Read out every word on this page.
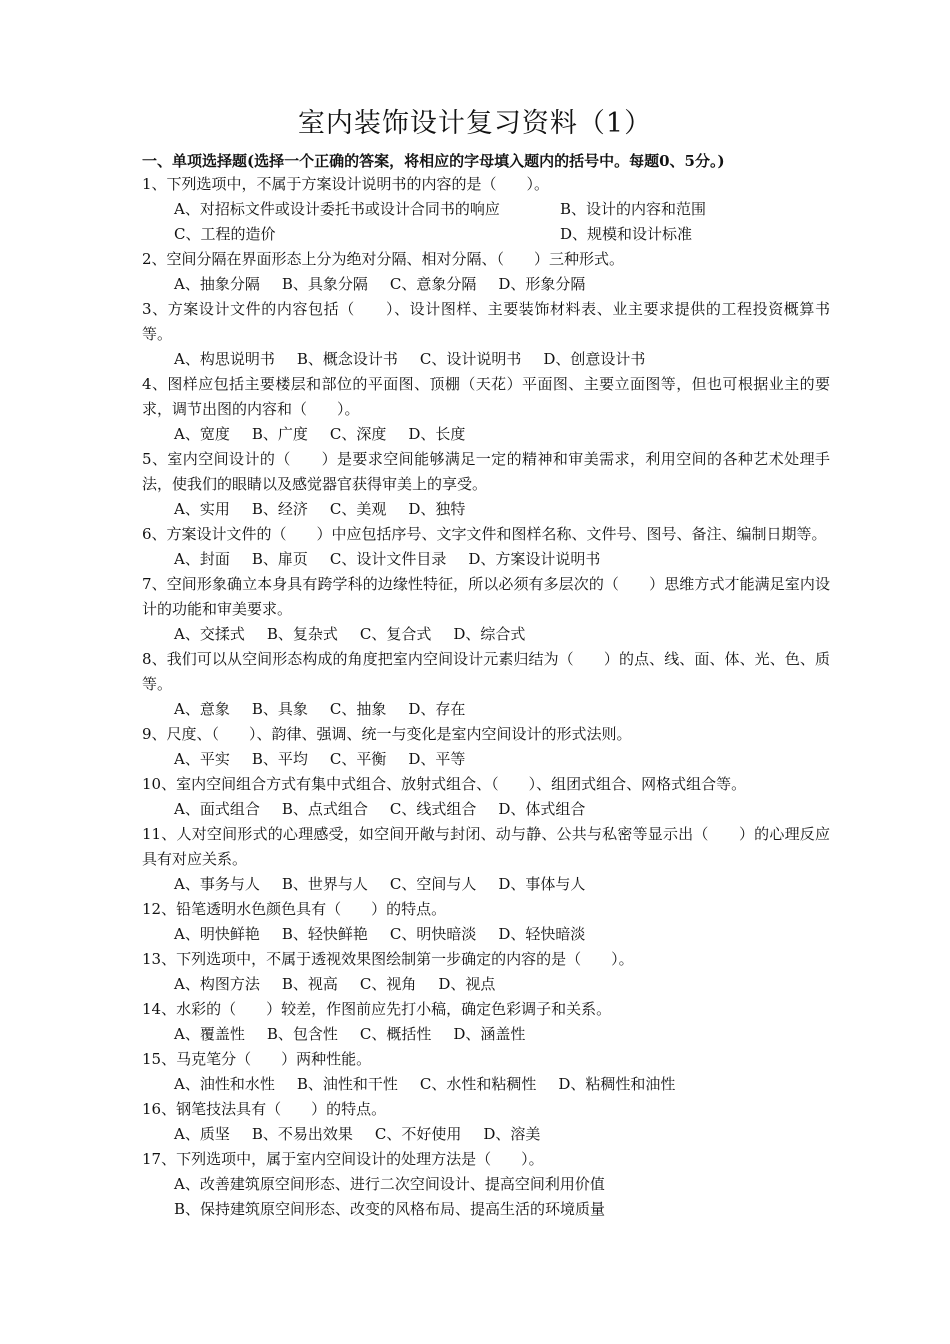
室内装饰设计复习资料（1）
一、单项选择题(选择一个正确的答案，将相应的字母填入题内的括号中。每题0、5分。)
1、下列选项中，不属于方案设计说明书的内容的是（　　）。
A、对招标文件或设计委托书或设计合同书的响应	B、设计的内容和范围
C、工程的造价	D、规模和设计标准
2、空间分隔在界面形态上分为绝对分隔、相对分隔、（　　）三种形式。
A、抽象分隔 B、具象分隔 C、意象分隔 D、形象分隔
3、方案设计文件的内容包括（　　）、设计图样、主要装饰材料表、业主要求提供的工程投资概算书等。
A、构思说明书 B、概念设计书 C、设计说明书 D、创意设计书
4、图样应包括主要楼层和部位的平面图、顶棚（天花）平面图、主要立面图等，但也可根据业主的要求，调节出图的内容和（　　）。
A、宽度 B、广度 C、深度 D、长度
5、室内空间设计的（　　）是要求空间能够满足一定的精神和审美需求，利用空间的各种艺术处理手法，使我们的眼睛以及感觉器官获得审美上的享受。
A、实用 B、经济 C、美观 D、独特
6、方案设计文件的（　　）中应包括序号、文字文件和图样名称、文件号、图号、备注、编制日期等。
A、封面 B、扉页 C、设计文件目录 D、方案设计说明书
7、空间形象确立本身具有跨学科的边缘性特征，所以必须有多层次的（　　）思维方式才能满足室内设计的功能和审美要求。
A、交揉式 B、复杂式 C、复合式 D、综合式
8、我们可以从空间形态构成的角度把室内空间设计元素归结为（　　）的点、线、面、体、光、色、质等。
A、意象 B、具象 C、抽象 D、存在
9、尺度、（　　）、韵律、强调、统一与变化是室内空间设计的形式法则。
A、平实 B、平均 C、平衡 D、平等
10、室内空间组合方式有集中式组合、放射式组合、（　　）、组团式组合、网格式组合等。
A、面式组合 B、点式组合 C、线式组合 D、体式组合
11、人对空间形式的心理感受，如空间开敞与封闭、动与静、公共与私密等显示出（　　）的心理反应具有对应关系。
A、事务与人 B、世界与人 C、空间与人 D、事体与人
12、铅笔透明水色颜色具有（　　）的特点。
A、明快鲜艳 B、轻快鲜艳 C、明快暗淡 D、轻快暗淡
13、下列选项中，不属于透视效果图绘制第一步确定的内容的是（　　）。
A、构图方法 B、视高 C、视角 D、视点
14、水彩的（　　）较差，作图前应先打小稿，确定色彩调子和关系。
A、覆盖性 B、包含性 C、概括性 D、涵盖性
15、马克笔分（　　）两种性能。
A、油性和水性 B、油性和干性 C、水性和粘稠性 D、粘稠性和油性
16、钢笔技法具有（　　）的特点。
A、质坚 B、不易出效果 C、不好使用 D、溶美
17、下列选项中，属于室内空间设计的处理方法是（　　）。
A、改善建筑原空间形态、进行二次空间设计、提高空间利用价值
B、保持建筑原空间形态、改变的风格布局、提高生活的环境质量
